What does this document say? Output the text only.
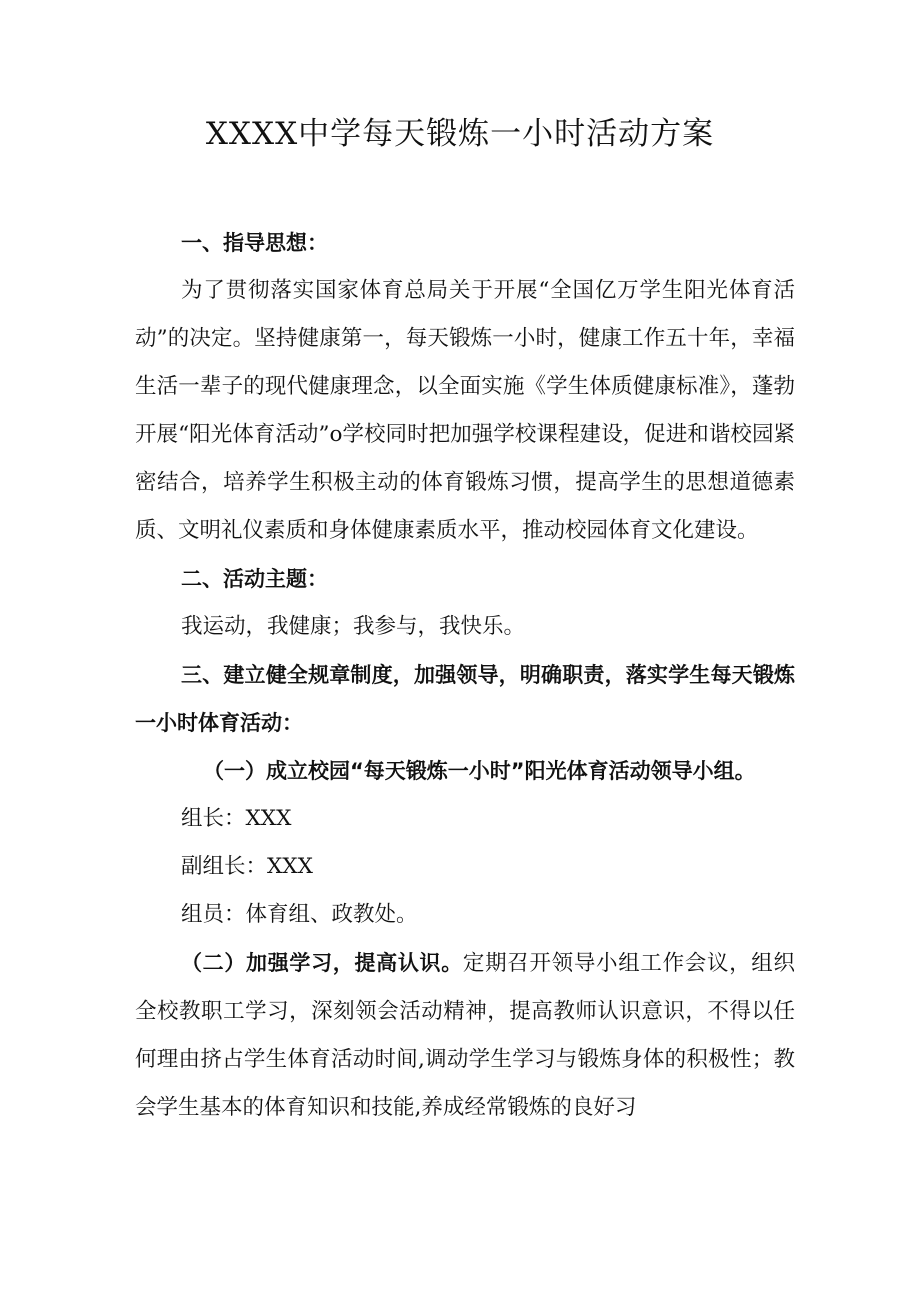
XXXX中学每天锻炼一小时活动方案

一、指导思想：

为了贯彻落实国家体育总局关于开展“全国亿万学生阳光体育活动”的决定。坚持健康第一，每天锻炼一小时，健康工作五十年，幸福生活一辈子的现代健康理念，以全面实施《学生体质健康标准》，蓬勃开展“阳光体育活动”o学校同时把加强学校课程建设，促进和谐校园紧密结合，培养学生积极主动的体育锻炼习惯，提高学生的思想道德素质、文明礼仪素质和身体健康素质水平，推动校园体育文化建设。

二、活动主题：

我运动，我健康；我参与，我快乐。

三、建立健全规章制度，加强领导，明确职责，落实学生每天锻炼一小时体育活动：

（一）成立校园“每天锻炼一小时”阳光体育活动领导小组。

组长：XXX

副组长：XXX

组员：体育组、政教处。

（二）加强学习，提高认识。定期召开领导小组工作会议，组织全校教职工学习，深刻领会活动精神，提高教师认识意识，不得以任何理由挤占学生体育活动时间,调动学生学习与锻炼身体的积极性；教会学生基本的体育知识和技能,养成经常锻炼的良好习
